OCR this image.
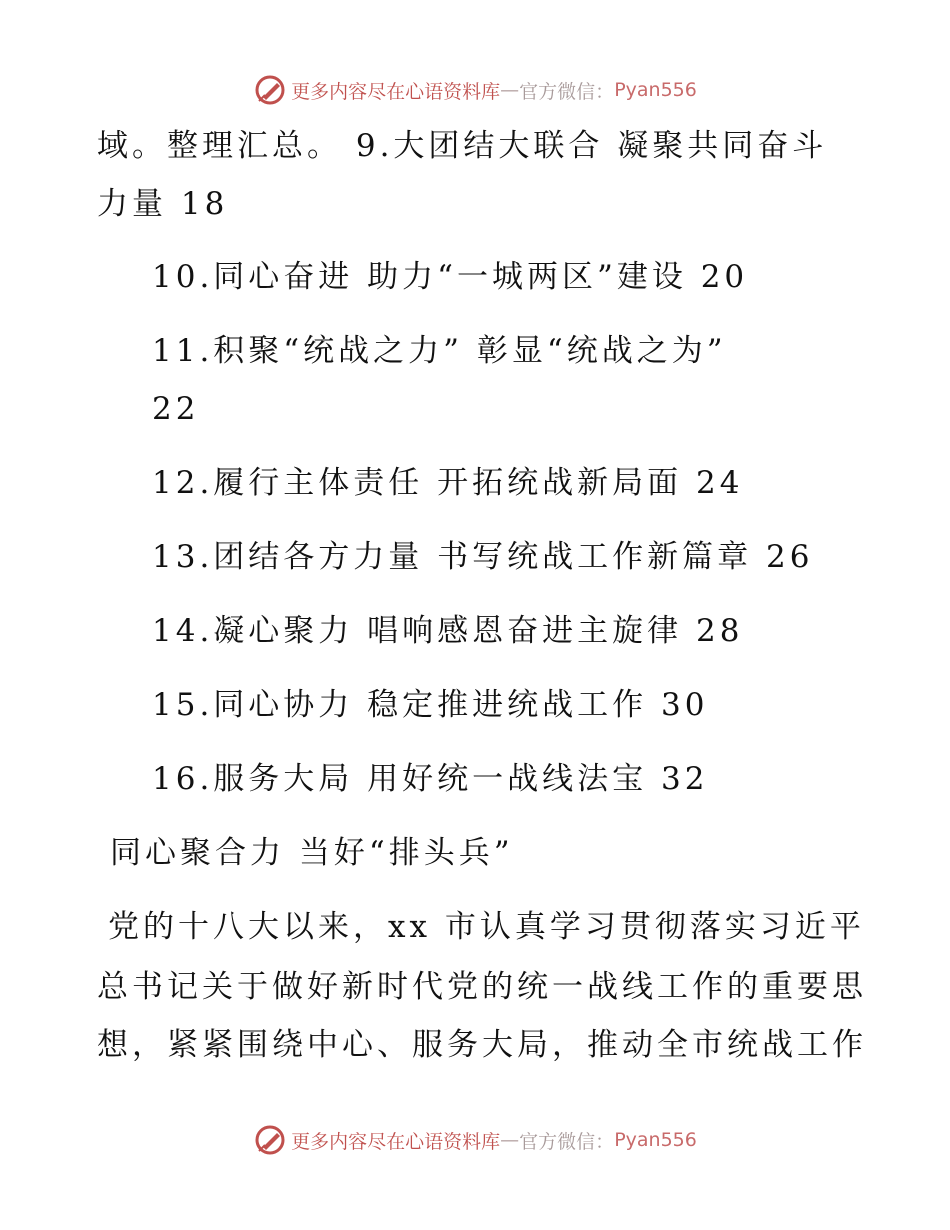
更多内容尽在心语资料库 — 官方微信： Pyan556
域。整理汇总。 9.大团结大联合 凝聚共同奋斗
力量 18
10.同心奋进 助力“一城两区”建设 20
11.积聚“统战之力” 彰显“统战之为”
22
12.履行主体责任 开拓统战新局面 24
13.团结各方力量 书写统战工作新篇章 26
14.凝心聚力 唱响感恩奋进主旋律 28
15.同心协力 稳定推进统战工作 30
16.服务大局 用好统一战线法宝 32
同心聚合力 当好“排头兵”
党的十八大以来，xx 市认真学习贯彻落实习近平
总书记关于做好新时代党的统一战线工作的重要思
想，紧紧围绕中心、服务大局，推动全市统战工作
更多内容尽在心语资料库 — 官方微信： Pyan556
